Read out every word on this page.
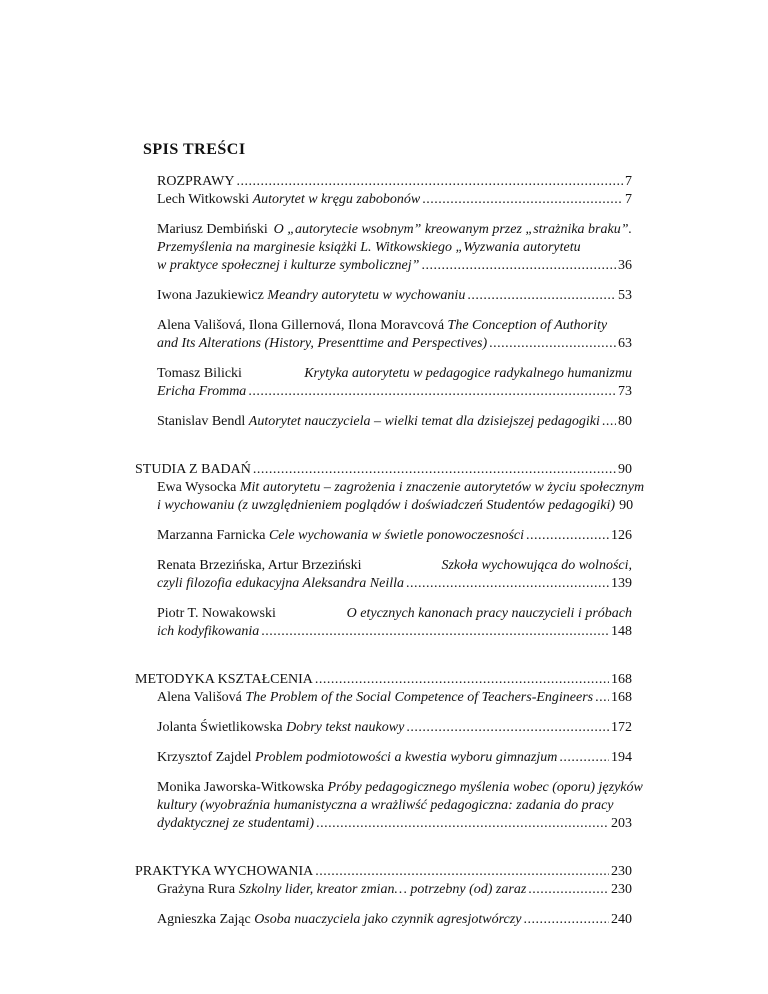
SPIS TREŚCI
ROZPRAWY .....	7
Lech Witkowski Autorytet w kręgu zabobonów .....	7
Mariusz Dembiński O „autorytecie wsobnym” kreowanym przez „strażnika braku”.
Przemyślenia na marginesie książki L. Witkowskiego „Wyzwania autorytetu
w praktyce społecznej i kulturze symbolicznej” .....	36
Iwona Jazukiewicz Meandry autorytetu w wychowaniu .....	53
Alena Vališová, Ilona Gillernová, Ilona Moravcová The Conception of Authority
and Its Alterations (History, Presenttime and Perspectives) .....	63
Tomasz Bilicki	Krytyka autorytetu w pedagogice radykalnego humanizmu
Ericha Fromma .....	73
Stanislav Bendl Autorytet nauczyciela – wielki temat dla dzisiejszej pedagogiki ..... 80
STUDIA Z BADAŃ .....	90
Ewa Wysocka Mit autorytetu – zagrożenia i znaczenie autorytetów w życiu społecznym
i wychowaniu (z uwzględnieniem poglądów i doświadczeń Studentów pedagogiki) 90
Marzanna Farnicka Cele wychowania w świetle ponowoczesności .....	126
Renata Brzezińska, Artur Brzeziński	Szkoła wychowująca do wolności,
czyli filozofia edukacyjna Aleksandra Neilla .....	139
Piotr T. Nowakowski	O etycznych kanonach pracy nauczycieli i próbach
ich kodyfikowania .....	148
METODYKA KSZTAŁCENIA .....	168
Alena Vališová The Problem of the Social Competence of Teachers-Engineers ..... 168
Jolanta Świetlikowska Dobry tekst naukowy .....	172
Krzysztof Zajdel Problem podmiotowości a kwestia wyboru gimnazjum .....	194
Monika Jaworska-Witkowska Próby pedagogicznego myślenia wobec (oporu) języków
kultury (wyobraźnia humanistyczna a wrażliwść pedagogiczna: zadania do pracy
dydaktycznej ze studentami) .....	203
PRAKTYKA WYCHOWANIA .....	230
Grażyna Rura Szkolny lider, kreator zmian… potrzebny (od) zaraz .....	230
Agnieszka Zając Osoba nuaczyciela jako czynnik agresjotwórczy .....	240
